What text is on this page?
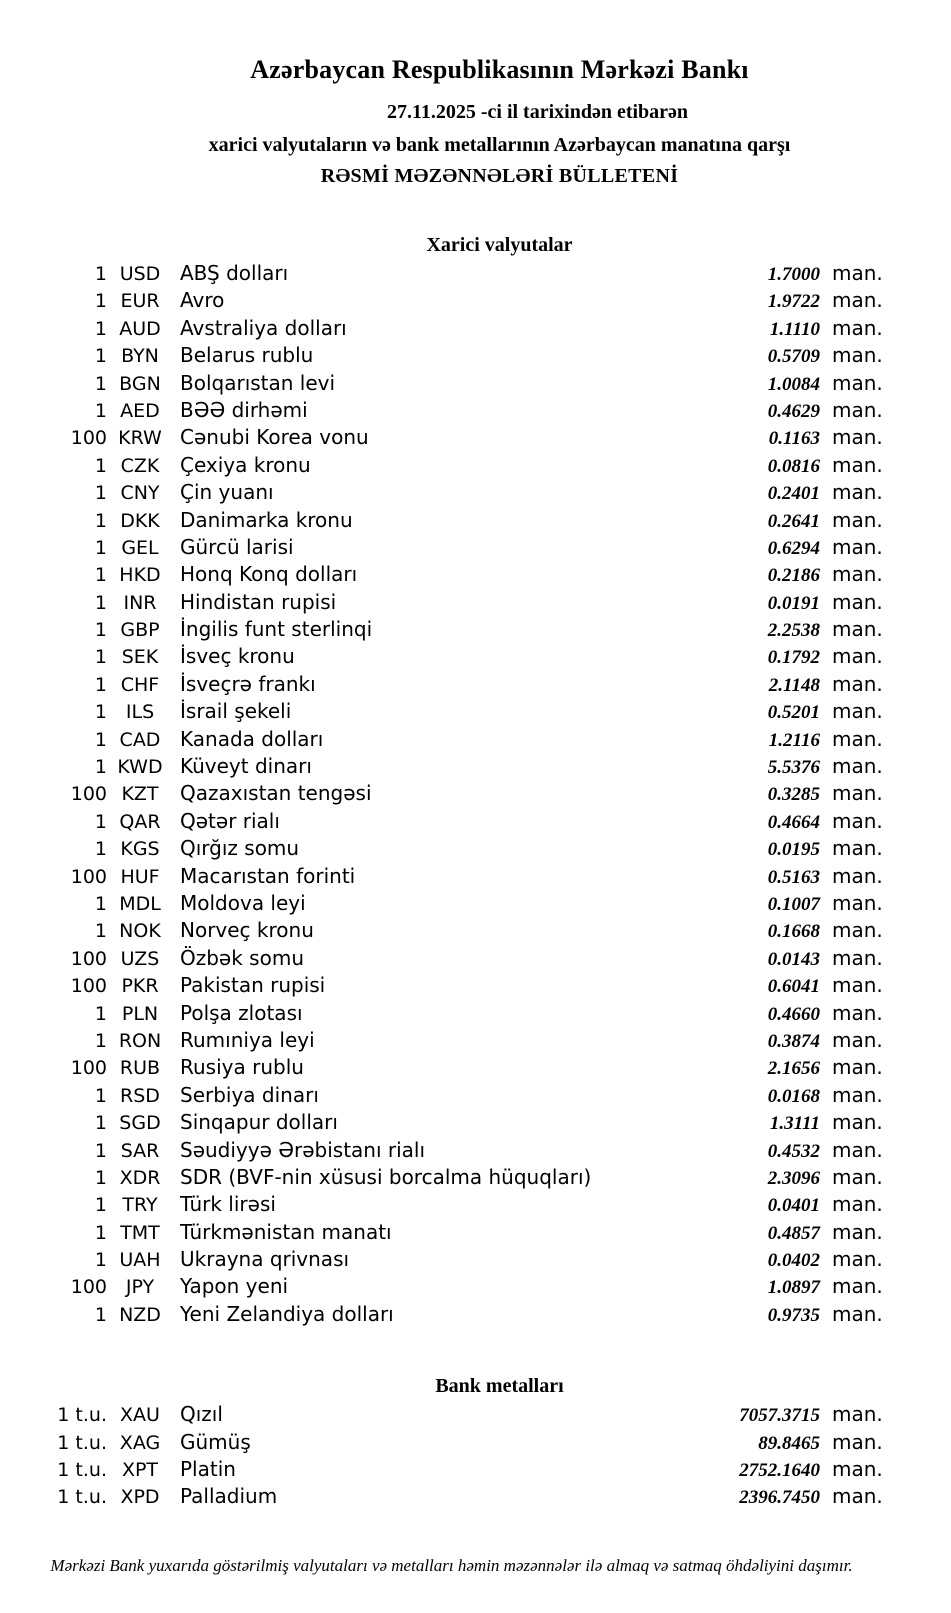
Azərbaycan Respublikasının Mərkəzi Bankı
27.11.2025 -ci il tarixindən etibarən
xarici valyutaların və bank metallarının Azərbaycan manatına qarşı
RƏSMİ MƏZƏNNƏLƏRİ BÜLLETENİ
Xarici valyutalar
1 USD ABŞ dolları	1.7000 man.
1 EUR	Avro	1.9722 man.
1 AUD Avstraliya dolları	1.1110 man.
1 BYN	Belarus rublu	0.5709 man.
1 BGN Bolqarıstan levi	1.0084 man.
1 AED	BƏƏ dirhəmi	0.4629 man.
100 KRW Cənubi Korea vonu	0.1163 man.
1 CZK	Çexiya kronu	0.0816 man.
1 CNY	Çin yuanı	0.2401 man.
1 DKK	Danimarka kronu	0.2641 man.
1 GEL	Gürcü larisi	0.6294 man.
1 HKD Honq Konq dolları	0.2186 man.
1 INR	Hindistan rupisi	0.0191 man.
1 GBP	İngilis funt sterlinqi	2.2538 man.
1 SEK	İsveç kronu	0.1792 man.
1 CHF	İsveçrə frankı	2.1148 man.
1 ILS	İsrail şekeli	0.5201 man.
1 CAD Kanada dolları	1.2116 man.
1 KWD Küveyt dinarı	5.5376 man.
100 KZT	Qazaxıstan tengəsi	0.3285 man.
1 QAR Qətər rialı	0.4664 man.
1 KGS	Qırğız somu	0.0195 man.
100 HUF	Macarıstan forinti	0.5163 man.
1 MDL Moldova leyi	0.1007 man.
1 NOK Norveç kronu	0.1668 man.
100 UZS	Özbək somu	0.0143 man.
100 PKR	Pakistan rupisi	0.6041 man.
1 PLN	Polşa zlotası	0.4660 man.
1 RON Rumıniya leyi	0.3874 man.
100 RUB Rusiya rublu	2.1656 man.
1 RSD	Serbiya dinarı	0.0168 man.
1 SGD Sinqapur dolları	1.3111 man.
1 SAR	Səudiyyə Ərəbistanı rialı	0.4532 man.
1 XDR SDR (BVF-nin xüsusi borcalma hüquqları)	2.3096 man.
1 TRY	Türk lirəsi	0.0401 man.
1 TMT	Türkmənistan manatı	0.4857 man.
1 UAH Ukrayna qrivnası	0.0402 man.
100 JPY	Yapon yeni	1.0897 man.
1 NZD Yeni Zelandiya dolları	0.9735 man.
Bank metalları
1 t.u. XAU	Qızıl	7057.3715 man.
1 t.u. XAG Gümüş	89.8465 man.
1 t.u. XPT	Platin	2752.1640 man.
1 t.u. XPD	Palladium	2396.7450 man.
Mərkəzi Bank yuxarıda göstərilmiş valyutaları və metalları həmin məzənnələr ilə almaq və satmaq öhdəliyini daşımır.
